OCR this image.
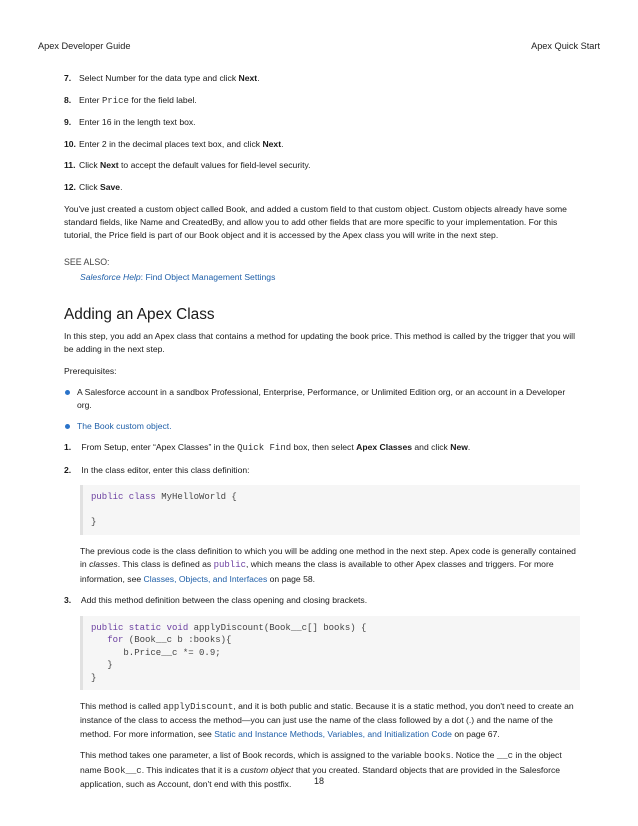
Apex Developer Guide	Apex Quick Start
7. Select Number for the data type and click Next.
8. Enter Price for the field label.
9. Enter 16 in the length text box.
10. Enter 2 in the decimal places text box, and click Next.
11. Click Next to accept the default values for field-level security.
12. Click Save.

You've just created a custom object called Book, and added a custom field to that custom object. Custom objects already have some standard fields, like Name and CreatedBy, and allow you to add other fields that are more specific to your implementation. For this tutorial, the Price field is part of our Book object and it is accessed by the Apex class you will write in the next step.

SEE ALSO:
Salesforce Help: Find Object Management Settings
Adding an Apex Class

In this step, you add an Apex class that contains a method for updating the book price. This method is called by the trigger that you will be adding in the next step.

Prerequisites:

A Salesforce account in a sandbox Professional, Enterprise, Performance, or Unlimited Edition org, or an account in a Developer org.
The Book custom object.
1. From Setup, enter “Apex Classes” in the Quick Find box, then select Apex Classes and click New.
2. In the class editor, enter this class definition:
public class MyHelloWorld {

}

The previous code is the class definition to which you will be adding one method in the next step. Apex code is generally contained in classes. This class is defined as public, which means the class is available to other Apex classes and triggers. For more information, see Classes, Objects, and Interfaces on page 58.

3. Add this method definition between the class opening and closing brackets.
public static void applyDiscount(Book__c[] books) {
for (Book__c b :books){
b.Price__c *= 0.9;
}
}

This method is called applyDiscount, and it is both public and static. Because it is a static method, you don't need to create an instance of the class to access the method—you can just use the name of the class followed by a dot (.) and the name of the method. For more information, see Static and Instance Methods, Variables, and Initialization Code on page 67.

This method takes one parameter, a list of Book records, which is assigned to the variable books. Notice the __c in the object name Book__c. This indicates that it is a custom object that you created. Standard objects that are provided in the Salesforce application, such as Account, don't end with this postfix.	18
